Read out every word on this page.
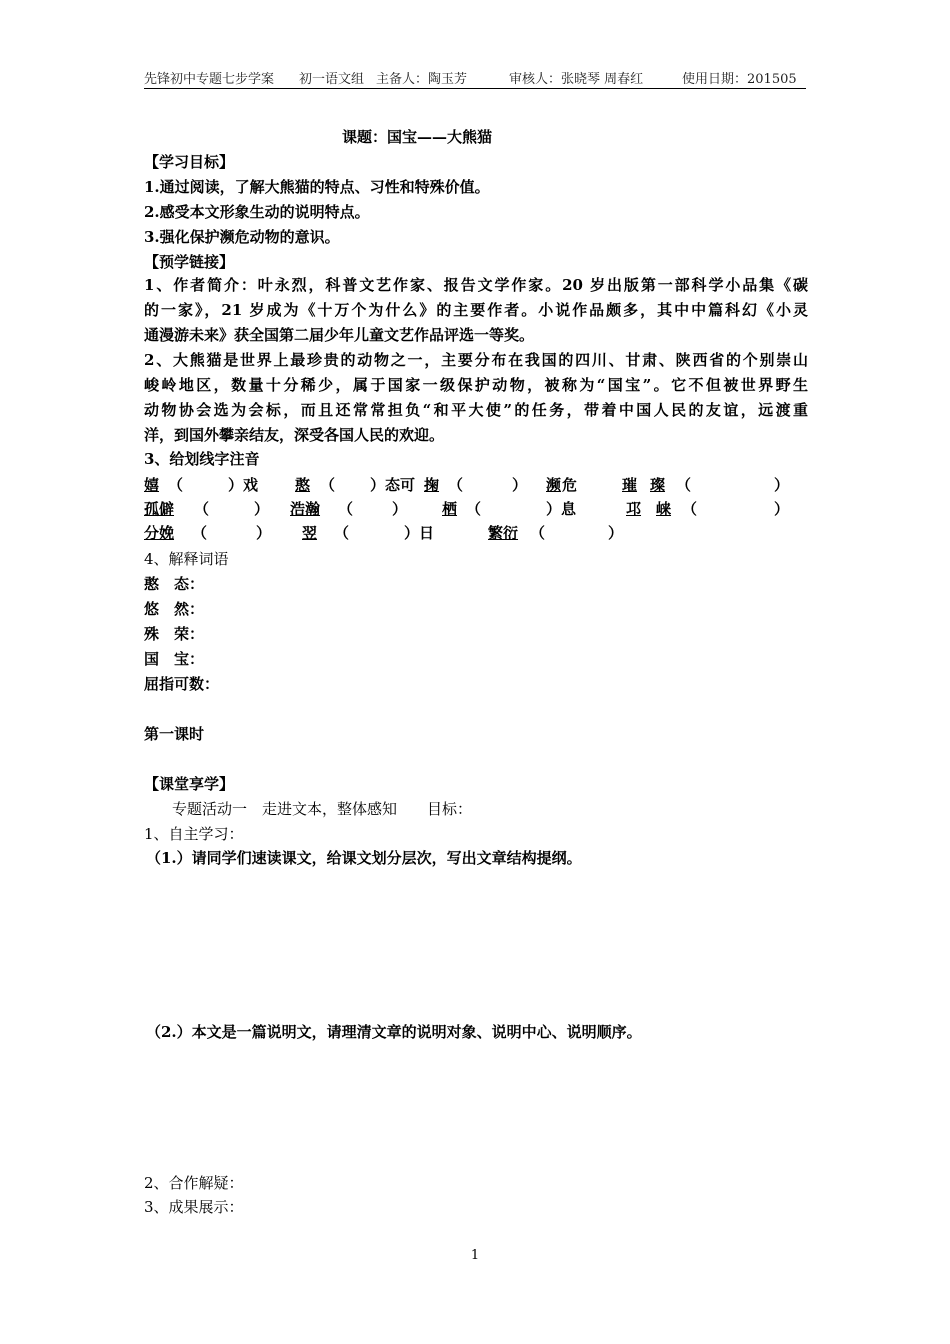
先锋初中专题七步学案 初一语文组 主备人：陶玉芳	审核人：张晓琴 周春红	使用日期：201505
课题：国宝——大熊猫
【学习目标】
1.通过阅读，了解大熊猫的特点、习性和特殊价值。
2.感受本文形象生动的说明特点。
3.强化保护濒危动物的意识。
【预学链接】
1、作者简介：叶永烈，科普文艺作家、报告文学作家。20 岁出版第一部科学小品集《碳
的一家》，21 岁成为《十万个为什么》的主要作者。小说作品颇多，其中中篇科幻《小灵
通漫游未来》获全国第二届少年儿童文艺作品评选一等奖。
2、大熊猫是世界上最珍贵的动物之一，主要分布在我国的四川、甘肃、陕西省的个别崇山
峻岭地区，数量十分稀少，属于国家一级保护动物，被称为“国宝”。它不但被世界野生
动物协会选为会标，而且还常常担负“和平大使”的任务，带着中国人民的友谊，远渡重
洋，到国外攀亲结友，深受各国人民的欢迎。
3、给划线字注音
嬉 （	）戏 憨 （ ）态可 掬 （	） 濒 危	璀 璨 （	）
孤僻 （	） 浩瀚 （	） 栖 （	）息	邛 崃 （	）
分娩 （	） 翌 （	）日	繁衍 （	）
4、解释词语
憨　态：
悠　然：
殊　荣：
国　宝：
屈指可数：
第一课时
【课堂享学】
专题活动一　走进文本，整体感知　　目标：
1、自主学习：
（1.）请同学们速读课文，给课文划分层次，写出文章结构提纲。
（2.）本文是一篇说明文，请理清文章的说明对象、说明中心、说明顺序。
2、合作解疑：
3、成果展示：
1
